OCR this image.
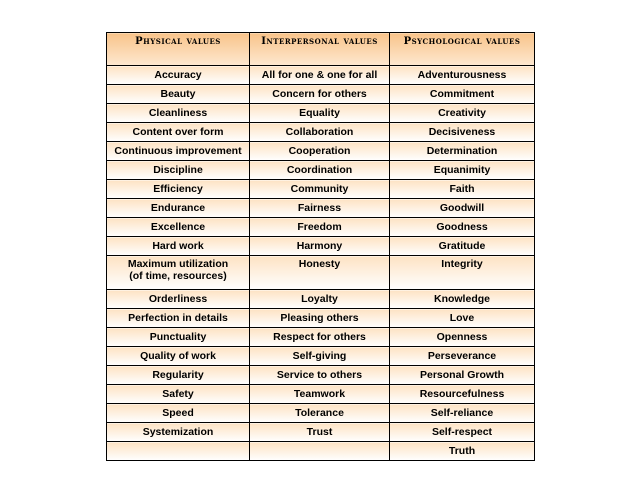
Physical values	Interpersonal values	Psychological values
Accuracy	All for one & one for all	Adventurousness
Beauty	Concern for others	Commitment
Cleanliness	Equality	Creativity
Content over form	Collaboration	Decisiveness
Continuous improvement	Cooperation	Determination
Discipline	Coordination	Equanimity
Efficiency	Community	Faith
Endurance	Fairness	Goodwill
Excellence	Freedom	Goodness
Hard work	Harmony	Gratitude
Maximum utilization
(of time, resources)	Honesty	Integrity
Orderliness	Loyalty	Knowledge
Perfection in details	Pleasing others	Love
Punctuality	Respect for others	Openness
Quality of work	Self-giving	Perseverance
Regularity	Service to others	Personal Growth
Safety	Teamwork	Resourcefulness
Speed	Tolerance	Self-reliance
Systemization	Trust	Self-respect
		Truth
